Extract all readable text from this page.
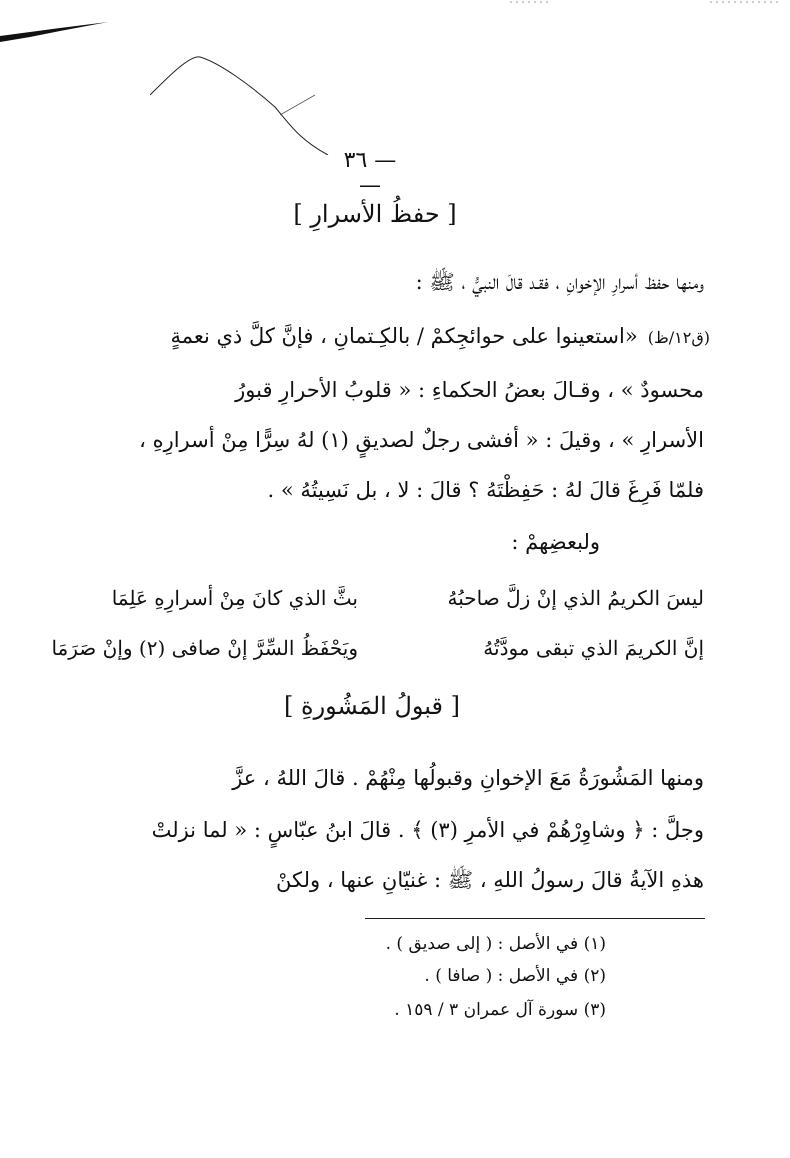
— ٣٦ —
[ حفظُ الأسرارِ ]
ومنها حفظ أسرارِ الإخوانِ ، فقـد قالَ النبيُّ ، ﷺ :
(ق١٢/ظ)«استعينوا على حوائجِكمْ / بالكِـتمانِ ، فإنَّ كلَّ ذي نعمةٍ
محسودٌ » ، وقـالَ بعضُ الحكماءِ : « قلوبُ الأحرارِ قبورُ
الأسرارِ » ، وقيلَ : « أفشى رجلٌ لصديقٍ (١) لهُ سِرًّا مِنْ أسرارِهِ ،
فلمّا فَرِغَ قالَ لهُ : حَفِظْتَهُ ؟ قالَ : لا ، بل نَسِيتُهُ » .
ولبعضِهمْ :
ليسَ الكريمُ الذي إنْ زلَّ صاحبُهُ
بثَّ الذي كانَ مِنْ أسرارِهِ عَلِمَا
إنَّ الكريمَ الذي تبقى مودَّتُهُ
ويَحْفَظُ السِّرَّ إنْ صافى (٢) وإنْ صَرَمَا
[ قبولُ المَشُورةِ ]
ومنها المَشُورَةُ مَعَ الإخوانِ وقبولُها مِنْهُمْ . قالَ اللهُ ، عزَّ
وجلَّ : ﴿ وشاوِرْهُمْ في الأمرِ (٣) ﴾ . قالَ ابنُ عبّاسٍ : « لما نزلتْ
هذهِ الآيةُ قالَ رسولُ اللهِ ، ﷺ : غنيّانِ عنها ، ولكنْ
(١) في الأصل : ( إلى صديق ) .
(٢) في الأصل : ( صافا ) .
(٣) سورة آل عمران ٣ / ١٥٩ .
